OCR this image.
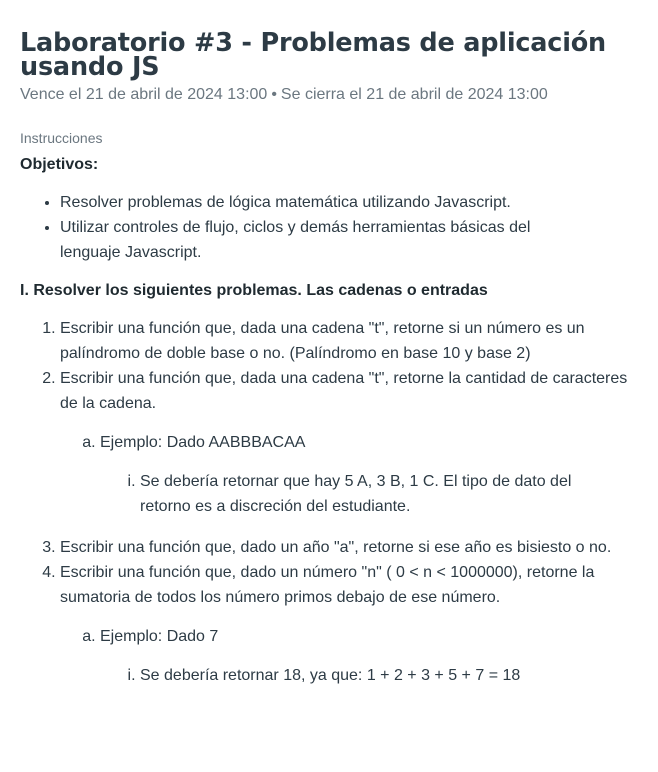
Laboratorio #3 - Problemas de aplicación usando JS
Vence el 21 de abril de 2024 13:00 • Se cierra el 21 de abril de 2024 13:00
Instrucciones
Objetivos:
• Resolver problemas de lógica matemática utilizando Javascript.
• Utilizar controles de flujo, ciclos y demás herramientas básicas del lenguaje Javascript.
I. Resolver los siguientes problemas. Las cadenas o entradas
1. Escribir una función que, dada una cadena "t", retorne si un número es un palíndromo de doble base o no. (Palíndromo en base 10 y base 2)
2. Escribir una función que, dada una cadena "t", retorne la cantidad de caracteres de la cadena.
a. Ejemplo: Dado AABBBACAA
i. Se debería retornar que hay 5 A, 3 B, 1 C. El tipo de dato del retorno es a discreción del estudiante.
3. Escribir una función que, dado un año "a", retorne si ese año es bisiesto o no.
4. Escribir una función que, dado un número "n" ( 0 < n < 1000000), retorne la sumatoria de todos los número primos debajo de ese número.
a. Ejemplo: Dado 7
i. Se debería retornar 18, ya que: 1 + 2 + 3 + 5 + 7 = 18
